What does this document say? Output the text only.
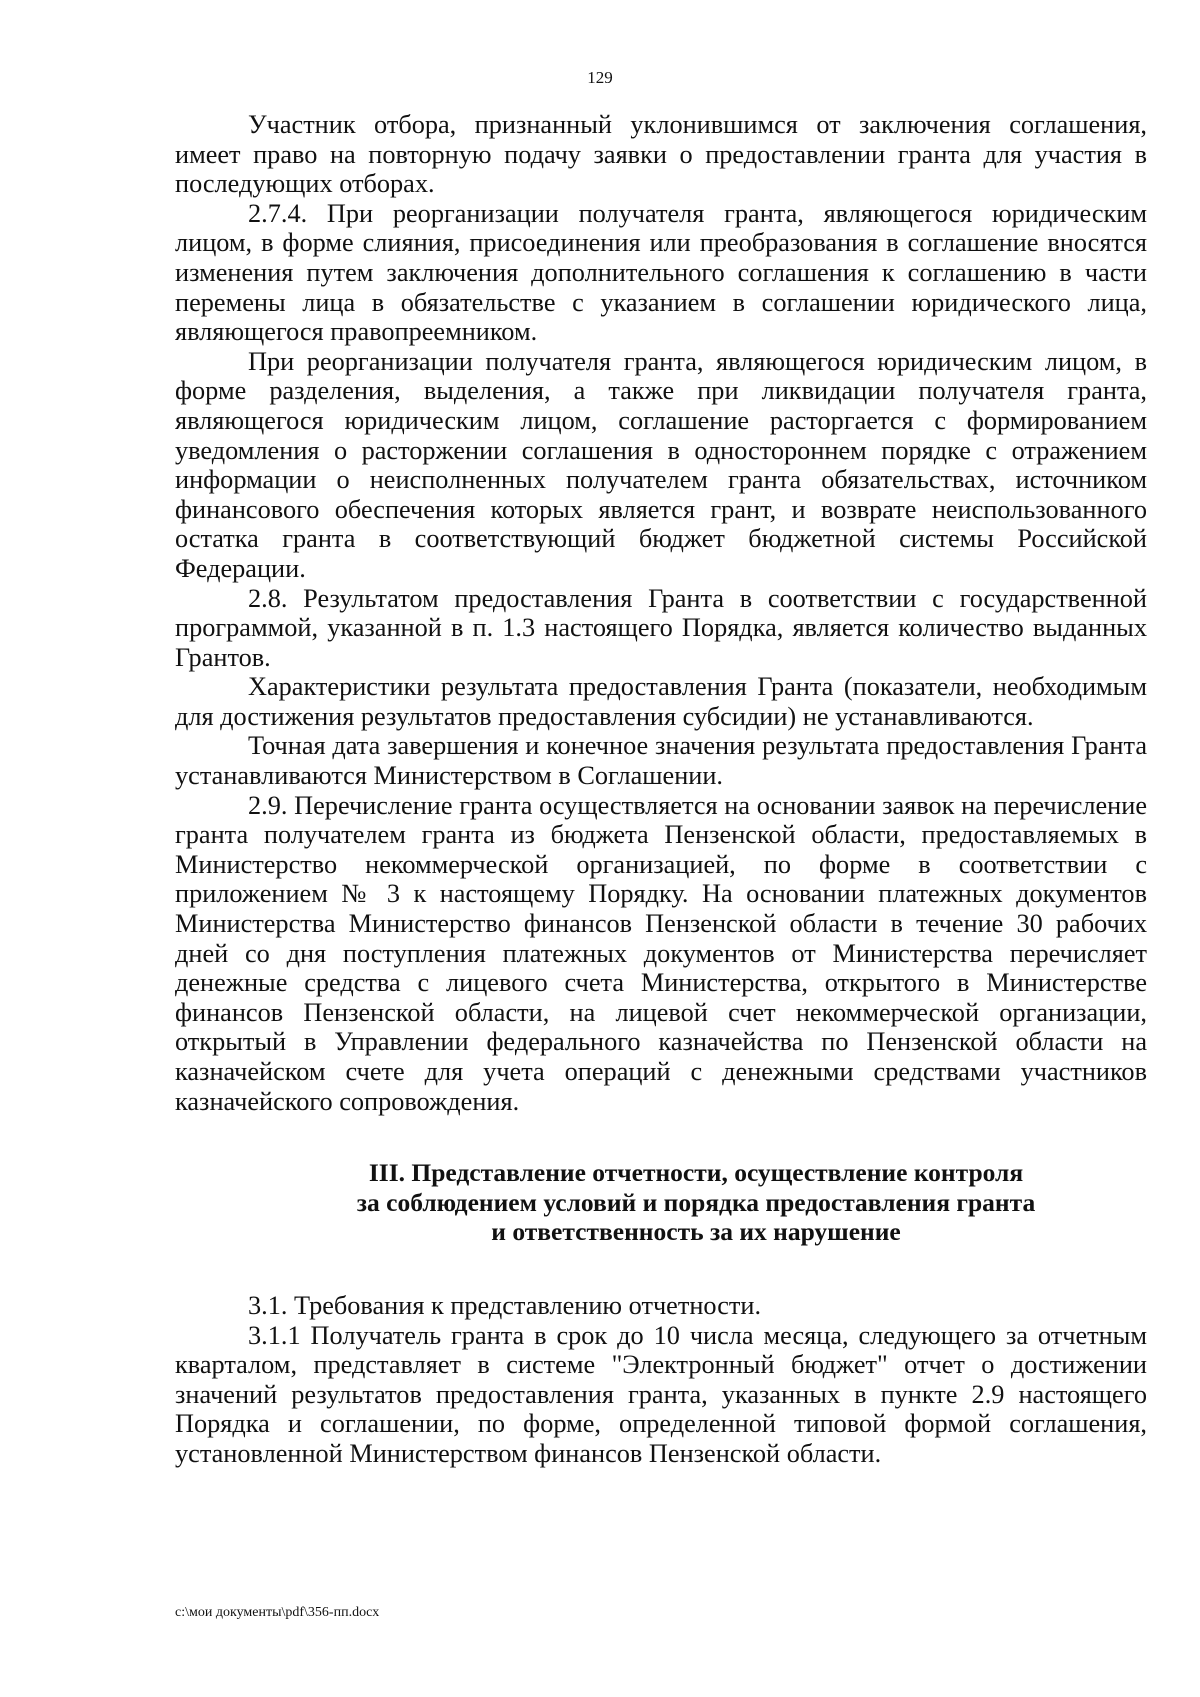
129

Участник отбора, признанный уклонившимся от заключения соглашения, имеет право на повторную подачу заявки о предоставлении гранта для участия в последующих отборах.

2.7.4. При реорганизации получателя гранта, являющегося юридическим лицом, в форме слияния, присоединения или преобразования в соглашение вносятся изменения путем заключения дополнительного соглашения к соглашению в части перемены лица в обязательстве с указанием в соглашении юридического лица, являющегося правопреемником.

При реорганизации получателя гранта, являющегося юридическим лицом, в форме разделения, выделения, а также при ликвидации получателя гранта, являющегося юридическим лицом, соглашение расторгается с формированием уведомления о расторжении соглашения в одностороннем порядке с отражением информации о неисполненных получателем гранта обязательствах, источником финансового обеспечения которых является грант, и возврате неиспользованного остатка гранта в соответствующий бюджет бюджетной системы Российской Федерации.

2.8. Результатом предоставления Гранта в соответствии с государственной программой, указанной в п. 1.3 настоящего Порядка, является количество выданных Грантов.

Характеристики результата предоставления Гранта (показатели, необходимым для достижения результатов предоставления субсидии) не устанавливаются.

Точная дата завершения и конечное значения результата предоставления Гранта устанавливаются Министерством в Соглашении.

2.9. Перечисление гранта осуществляется на основании заявок на перечисление гранта получателем гранта из бюджета Пензенской области, предоставляемых в Министерство некоммерческой организацией, по форме в соответствии с приложением № 3 к настоящему Порядку. На основании платежных документов Министерства Министерство финансов Пензенской области в течение 30 рабочих дней со дня поступления платежных документов от Министерства перечисляет денежные средства с лицевого счета Министерства, открытого в Министерстве финансов Пензенской области, на лицевой счет некоммерческой организации, открытый в Управлении федерального казначейства по Пензенской области на казначейском счете для учета операций с денежными средствами участников казначейского сопровождения.

III. Представление отчетности, осуществление контроля
за соблюдением условий и порядка предоставления гранта
и ответственность за их нарушение

3.1. Требования к представлению отчетности.

3.1.1 Получатель гранта в срок до 10 числа месяца, следующего за отчетным кварталом, представляет в системе "Электронный бюджет" отчет о достижении значений результатов предоставления гранта, указанных в пункте 2.9 настоящего Порядка и соглашении, по форме, определенной типовой формой соглашения, установленной Министерством финансов Пензенской области.

c:\мои документы\pdf\356-пп.docx
